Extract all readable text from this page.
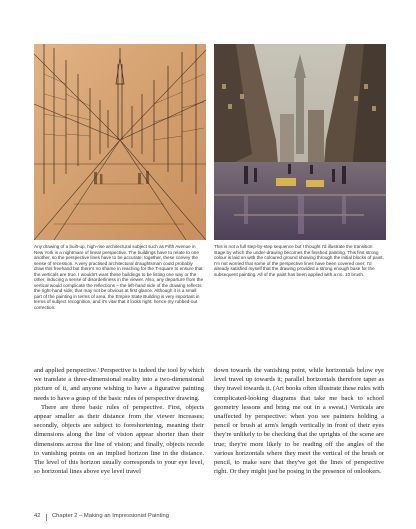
Any drawing of a built-up, high-rise architectural subject such as Fifth Avenue in New York is a nightmare of linear perspective. The buildings have to relate to one another, so the perspective lines have to be accurate; together, these convey the sense of recession. A very practised architectural draughtsman could probably draw this freehand but there's no shame in reaching for the T-square to ensure that the verticals are true. I wouldn't want these buildings to be listing one way or the other, inducing a sense of disorderliness in the viewer. Also, any departure from the vertical would complicate the reflections – the left-hand side of the drawing reflects the right-hand side; that may not be obvious at first glance. Although it is a small part of the painting in terms of area, the Empire State Building is very important in terms of subject recognition, and it's vital that it looks right: hence my rubbed-out correction.

This is not a full step-by-step sequence but I thought I'd illustrate the transition stage by which the under-drawing becomes the finished painting. This first strong colour is laid on with the coloured ground showing through the initial blocks of paint. I'm not worried that some of the perspective lines have been covered over; I'd already satisfied myself that the drawing provided a strong enough base for the subsequent painting. All of the paint has been applied with a no. 10 brush.

and applied perspective.' Perspective is indeed the tool by which we translate a three-dimensional reality into a two-dimensional picture of it, and anyone wishing to have a figurative painting needs to have a grasp of the basic rules of perspective drawing.

There are three basic rules of perspective. First, objects appear smaller as their distance from the viewer increases; secondly, objects are subject to foreshortening, meaning their dimensions along the line of vision appear shorter than their dimensions across the line of vision; and finally, objects recede to vanishing points on an implied horizon line in the distance. The level of this horizon usually corresponds to your eye level, so horizontal lines above eye level travel

down towards the vanishing point, while horizontals below eye level travel up towards it; parallel horizontals therefore taper as they travel towards it. (Art books often illustrate these rules with complicated-looking diagrams that take me back to school geometry lessons and bring me out in a sweat.) Verticals are unaffected by perspective: when you see painters holding a pencil or brush at arm's length vertically in front of their eyes they're unlikely to be checking that the uprights of the scene are true; they're more likely to be reading off the angles of the various horizontals where they meet the vertical of the brush or pencil, to make sure that they've got the lines of perspective right. Or they might just be posing in the presence of onlookers.

42 Chapter 2 – Making an Impressionist Painting
